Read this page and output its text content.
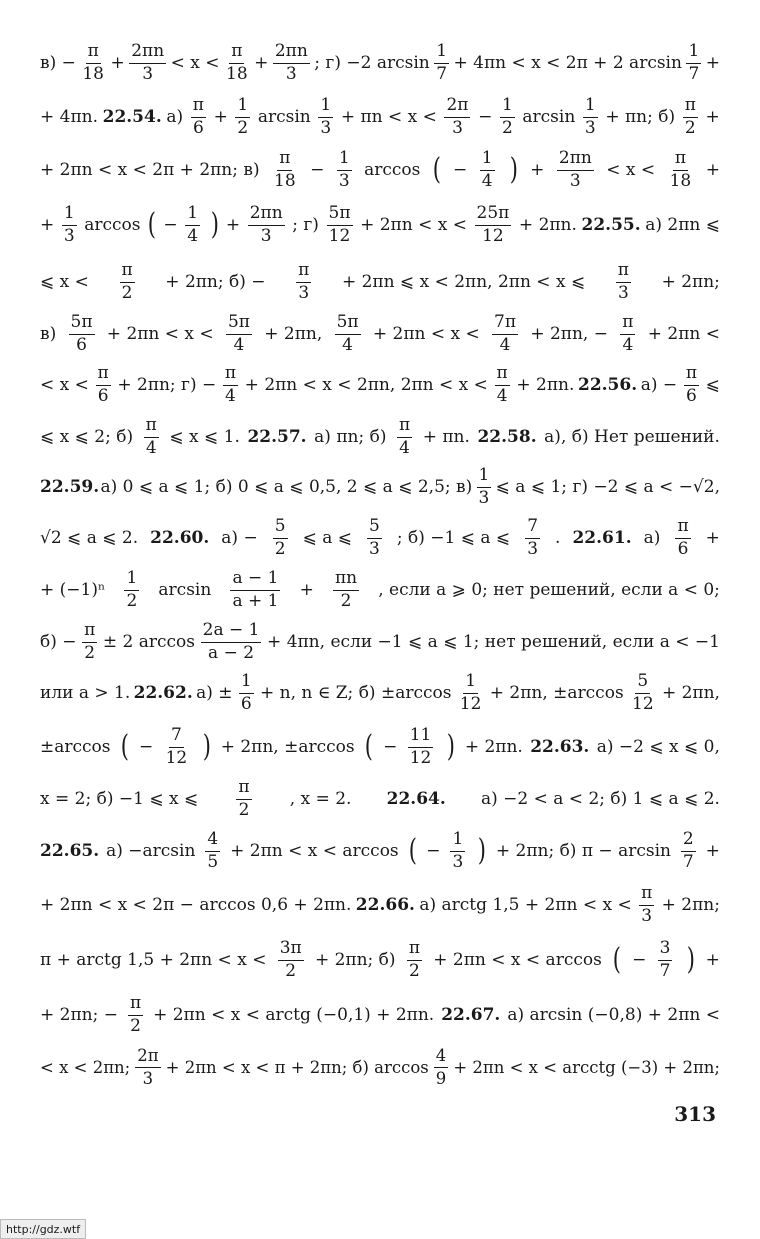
$в) - \frac{\pi}{18} + \frac{2\pi n}{3} < x < \frac{\pi}{18} + \frac{2\pi n}{3}$ ; г) −2 $\arcsin \frac{1}{7} + 4\pi n < x < 2\pi + 2$ $\arcsin \frac{1}{7}$ +
+ 4πn. 22.54. $а) \frac{\pi}{6} + \frac{1}{2}$ $\arcsin \frac{1}{3} + \pi n < x < \frac{2\pi}{3} - \frac{1}{2}$ $\arcsin \frac{1}{3} + \pi n$; $б) \frac{\pi}{2}$ +
+ 2πn < x < 2π + 2πn; $в) \frac{\pi}{18} - \frac{1}{3}$ arccos ( − $\frac{1}{4}$ ) + $\frac{2\pi n}{3} < x < \frac{\pi}{18}$ +
+ $\frac{1}{3}$ arccos ( − $\frac{1}{4}$ ) + $\frac{2\pi n}{3}$ ; $г) \frac{5\pi}{12} + 2\pi n < x < \frac{25\pi}{12} + 2\pi n$. 22.55. а) 2πn ⩽
⩽ $x < \frac{\pi}{2} + 2\pi n$; $б) - \frac{\pi}{3} + 2\pi n$ ⩽ x < 2πn, 2πn < x ⩽ $\frac{\pi}{3} + 2\pi n$;
$в) \frac{5\pi}{6} + 2\pi n < x < \frac{5\pi}{4} + 2\pi n$, $\frac{5\pi}{4} + 2\pi n < x < \frac{7\pi}{4} + 2\pi n$, − $\frac{\pi}{4} + 2\pi n$ <
< $x < \frac{\pi}{6} + 2\pi n$; $г) - \frac{\pi}{4} + 2\pi n < x < 2\pi n$, $2\pi n < x < \frac{\pi}{4} + 2\pi n$. 22.56. $а) - \frac{\pi}{6}$ ⩽
⩽ x ⩽ 2; $б) \frac{\pi}{4}$ ⩽ x ⩽ 1. 22.57. а) πn; $б) \frac{\pi}{4} + \pi n$. 22.58. а), б) Нет решений.
22.59. а) 0 ⩽ a ⩽ 1; б) 0 ⩽ a ⩽ 0,5, 2 ⩽ a ⩽ 2,5; $в) \frac{1}{3}$ ⩽ a ⩽ 1; г) −2 ⩽ a < −√2,
√2 ⩽ a ⩽ 2. 22.60. $а) - \frac{5}{2}$ ⩽ a ⩽ $\frac{5}{3}$ ; б) −1 ⩽ a ⩽ $\frac{7}{3}$ . 22.61. $а) \frac{\pi}{6}$ +
+ $(-1)^n \frac{1}{2}$ $\arcsin \frac{a - 1}{a + 1} + \frac{\pi n}{2}$ , если a ⩾ 0; нет решений, если a < 0;
$б) - \frac{\pi}{2} \pm 2$ $\arccos \frac{2a - 1}{a - 2} + 4\pi n$, если −1 ⩽ a ⩽ 1; нет решений, если a < −1
или a > 1. 22.62. $а) \pm \frac{1}{6} + n$, n ∈ Z; $б) \pm\arccos \frac{1}{12} + 2\pi n$, $\pm\arccos \frac{5}{12} + 2\pi n$,
±arccos ( − $\frac{7}{12}$ ) + 2πn, ±arccos ( − $\frac{11}{12}$ ) + 2πn. 22.63. а) −2 ⩽ x ⩽ 0,
x = 2; б) −1 ⩽ x ⩽ $\frac{\pi}{2}$ , x = 2. 22.64. а) −2 < a < 2; б) 1 ⩽ a ⩽ 2.
22.65. $а) -\arcsin \frac{4}{5} + 2\pi n < x < \arccos$ ( − $\frac{1}{3}$ ) + 2πn; б) $\pi - \arcsin \frac{2}{7}$ +
+ 2πn < x < 2π − arccos 0,6 + 2πn. 22.66. а) arctg $1,5 + 2\pi n < x < \frac{\pi}{3} + 2\pi n$;
π + arctg $1,5 + 2\pi n < x < \frac{3\pi}{2} + 2\pi n$; $б) \frac{\pi}{2} + 2\pi n < x < \arccos$ ( − $\frac{3}{7}$ ) +
+ 2πn; − $\frac{\pi}{2} + 2\pi n < x$ < arctg (−0,1) + 2πn. 22.67. а) arcsin (−0,8) + 2πn <
< x < 2πn; $\frac{2\pi}{3} + 2\pi n < x < \pi + 2\pi n$; б) $\arccos \frac{4}{9} + 2\pi n < x$ < arcctg (−3) + 2πn;
313
http://gdz.wtf
